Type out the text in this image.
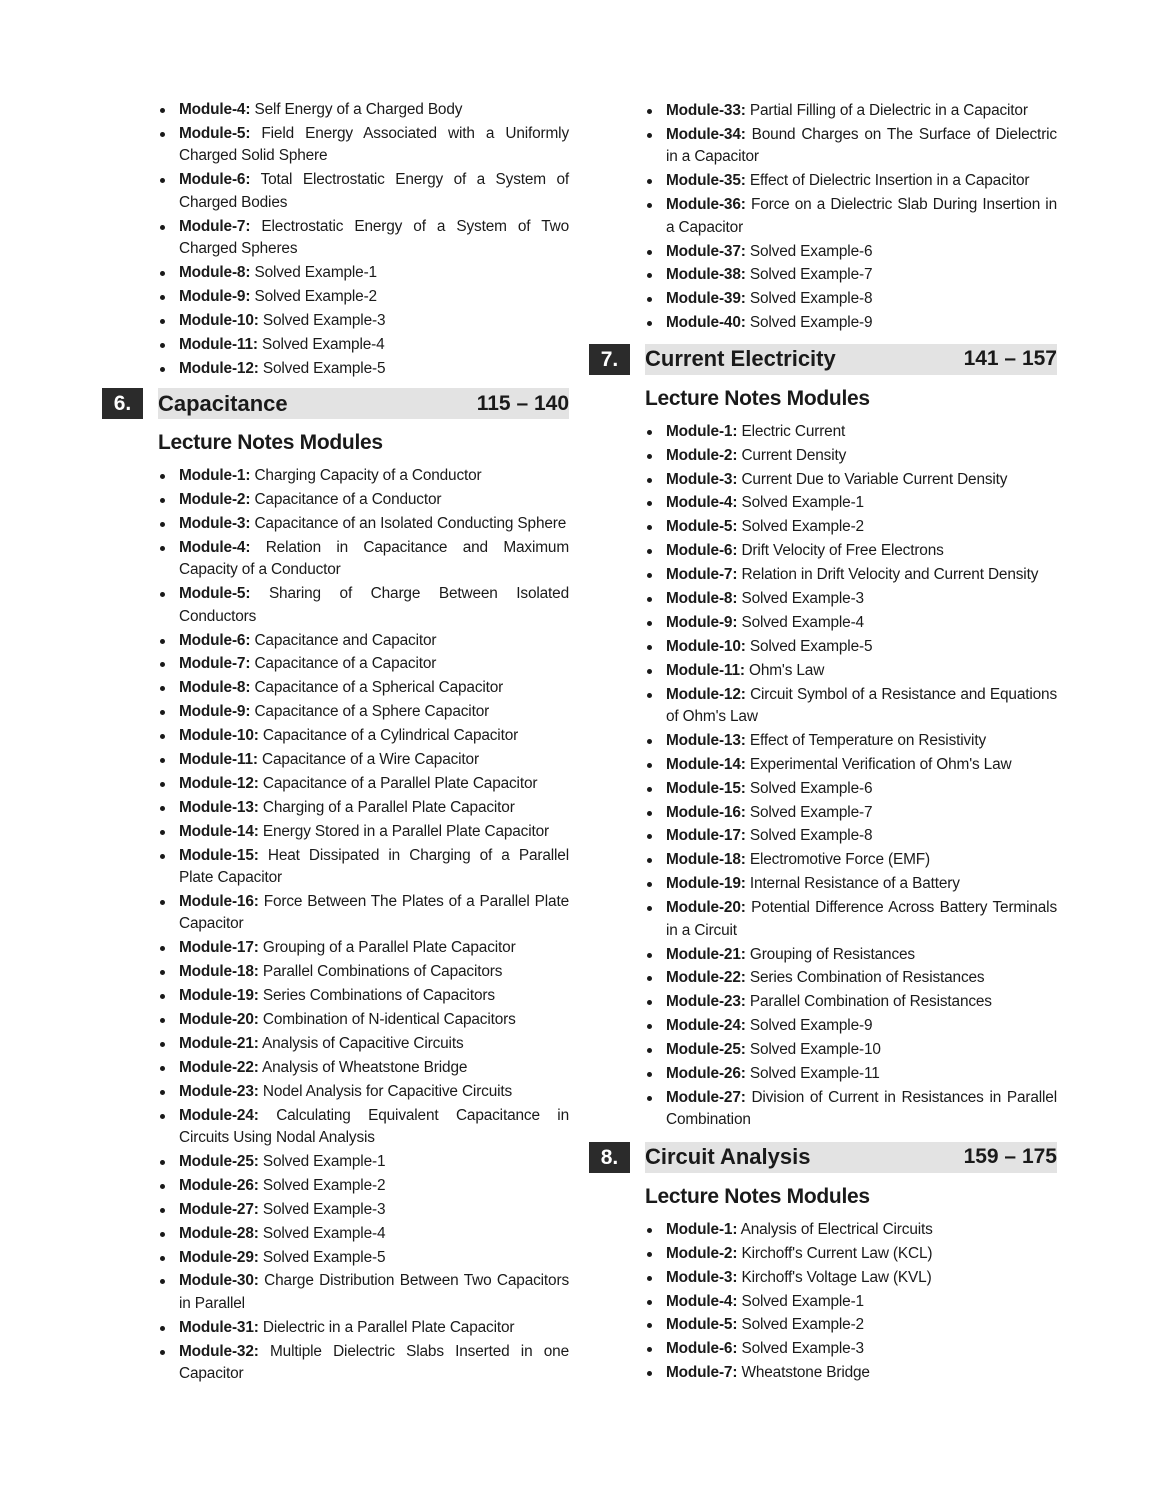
Module-4: Self Energy of a Charged Body
Module-5: Field Energy Associated with a Uniformly Charged Solid Sphere
Module-6: Total Electrostatic Energy of a System of Charged Bodies
Module-7: Electrostatic Energy of a System of Two Charged Spheres
Module-8: Solved Example-1
Module-9: Solved Example-2
Module-10: Solved Example-3
Module-11: Solved Example-4
Module-12: Solved Example-5
6.	Capacitance	115 – 140
Lecture Notes Modules
Module-1: Charging Capacity of a Conductor
Module-2: Capacitance of a Conductor
Module-3: Capacitance of an Isolated Conducting Sphere
Module-4: Relation in Capacitance and Maximum Capacity of a Conductor
Module-5: Sharing of Charge Between Isolated Conductors
Module-6: Capacitance and Capacitor
Module-7: Capacitance of a Capacitor
Module-8: Capacitance of a Spherical Capacitor
Module-9: Capacitance of a Sphere Capacitor
Module-10: Capacitance of a Cylindrical Capacitor
Module-11: Capacitance of a Wire Capacitor
Module-12: Capacitance of a Parallel Plate Capacitor
Module-13: Charging of a Parallel Plate Capacitor
Module-14: Energy Stored in a Parallel Plate Capacitor
Module-15: Heat Dissipated in Charging of a Parallel Plate Capacitor
Module-16: Force Between The Plates of a Parallel Plate Capacitor
Module-17: Grouping of a Parallel Plate Capacitor
Module-18: Parallel Combinations of Capacitors
Module-19: Series Combinations of Capacitors
Module-20: Combination of N-identical Capacitors
Module-21: Analysis of Capacitive Circuits
Module-22: Analysis of Wheatstone Bridge
Module-23: Nodel Analysis for Capacitive Circuits
Module-24: Calculating Equivalent Capacitance in Circuits Using Nodal Analysis
Module-25: Solved Example-1
Module-26: Solved Example-2
Module-27: Solved Example-3
Module-28: Solved Example-4
Module-29: Solved Example-5
Module-30: Charge Distribution Between Two Capacitors in Parallel
Module-31: Dielectric in a Parallel Plate Capacitor
Module-32: Multiple Dielectric Slabs Inserted in one Capacitor
Module-33: Partial Filling of a Dielectric in a Capacitor
Module-34: Bound Charges on The Surface of Dielectric in a Capacitor
Module-35: Effect of Dielectric Insertion in a Capacitor
Module-36: Force on a Dielectric Slab During Insertion in a Capacitor
Module-37: Solved Example-6
Module-38: Solved Example-7
Module-39: Solved Example-8
Module-40: Solved Example-9
7.	Current Electricity	141 – 157
Lecture Notes Modules
Module-1: Electric Current
Module-2: Current Density
Module-3: Current Due to Variable Current Density
Module-4: Solved Example-1
Module-5: Solved Example-2
Module-6: Drift Velocity of Free Electrons
Module-7: Relation in Drift Velocity and Current Density
Module-8: Solved Example-3
Module-9: Solved Example-4
Module-10: Solved Example-5
Module-11: Ohm's Law
Module-12: Circuit Symbol of a Resistance and Equations of Ohm's Law
Module-13: Effect of Temperature on Resistivity
Module-14: Experimental Verification of Ohm's Law
Module-15: Solved Example-6
Module-16: Solved Example-7
Module-17: Solved Example-8
Module-18: Electromotive Force (EMF)
Module-19: Internal Resistance of a Battery
Module-20: Potential Difference Across Battery Terminals in a Circuit
Module-21: Grouping of Resistances
Module-22: Series Combination of Resistances
Module-23: Parallel Combination of Resistances
Module-24: Solved Example-9
Module-25: Solved Example-10
Module-26: Solved Example-11
Module-27: Division of Current in Resistances in Parallel Combination
8.	Circuit Analysis	159 – 175
Lecture Notes Modules
Module-1: Analysis of Electrical Circuits
Module-2: Kirchoff's Current Law (KCL)
Module-3: Kirchoff's Voltage Law (KVL)
Module-4: Solved Example-1
Module-5: Solved Example-2
Module-6: Solved Example-3
Module-7: Wheatstone Bridge
